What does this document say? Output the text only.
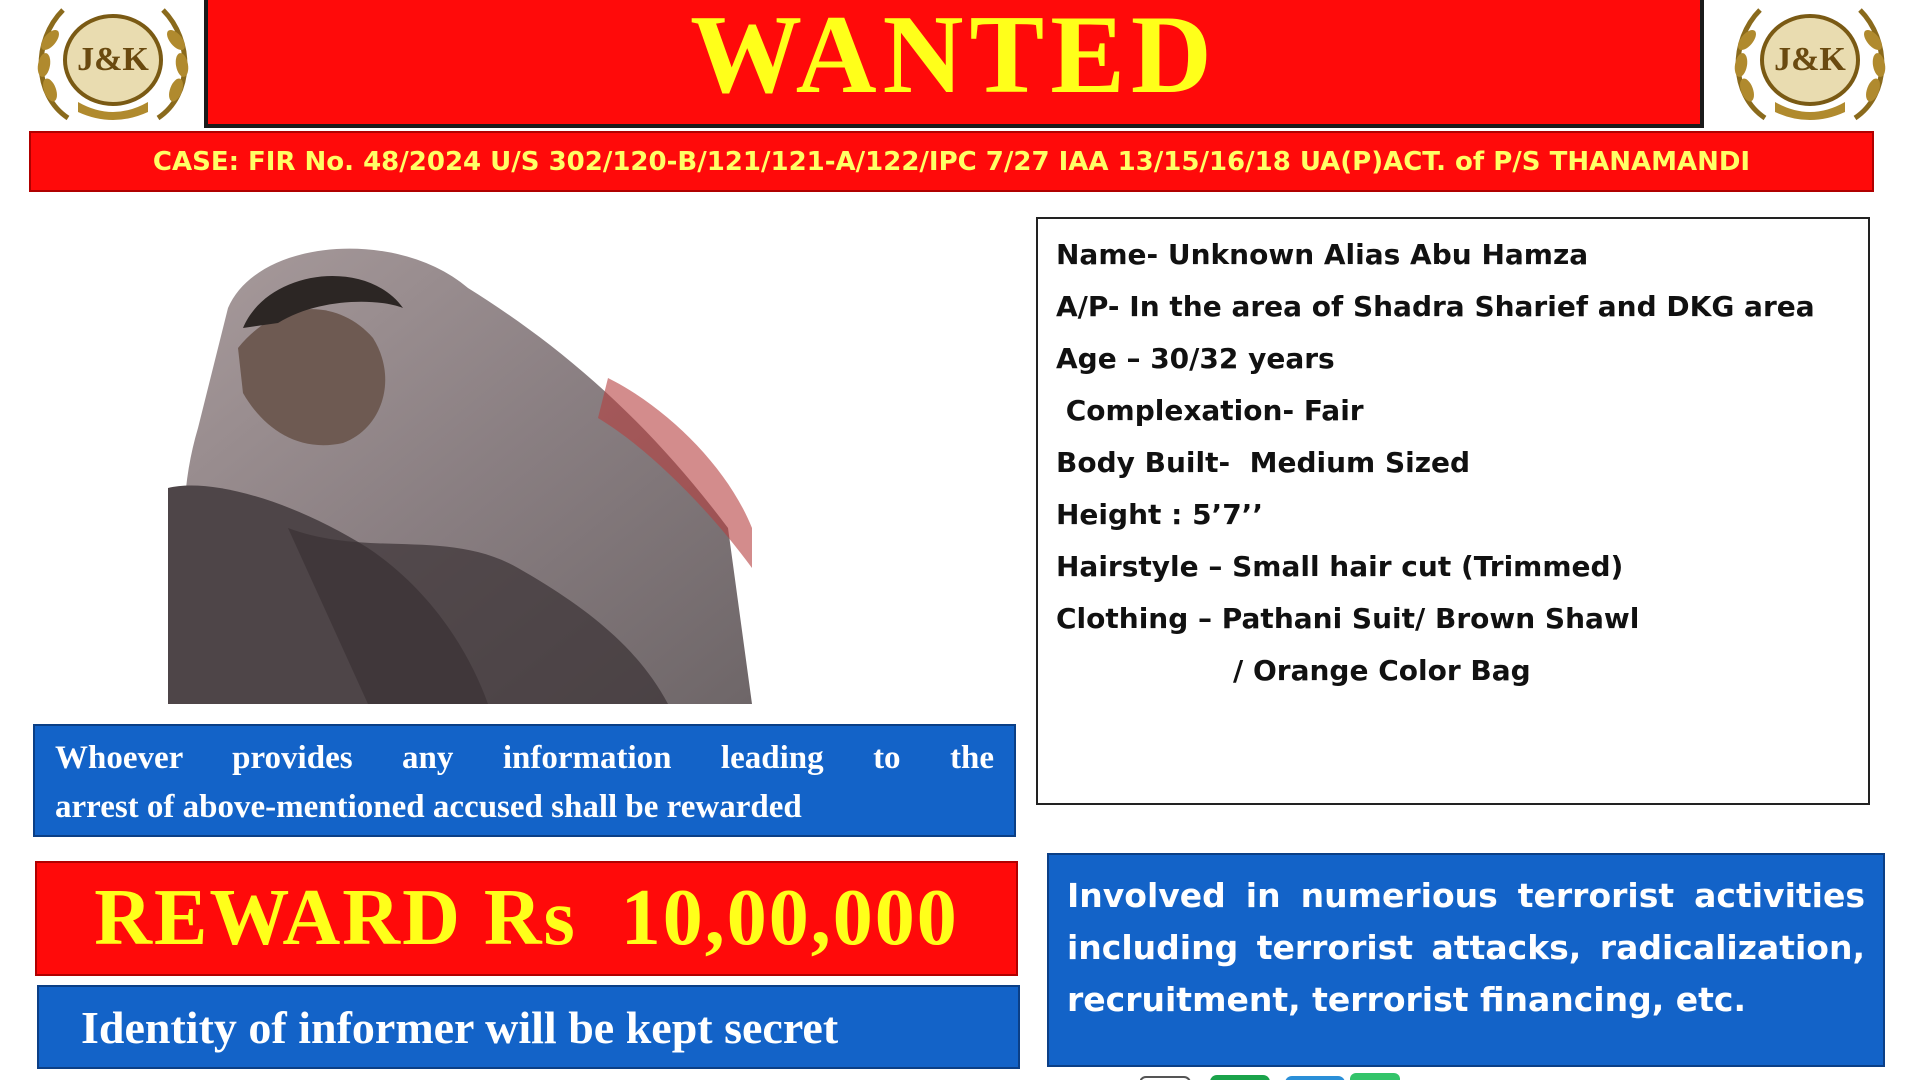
J&K	J&K
WANTED
CASE: FIR No. 48/2024 U/S 302/120-B/121/121-A/122/IPC 7/27 IAA 13/15/16/18 UA(P)ACT. of P/S THANAMANDI
Name- Unknown Alias Abu Hamza
A/P- In the area of Shadra Sharief and DKG area
Age – 30/32 years
Complexation- Fair
Body Built-  Medium Sized
Height : 5’7’’
Hairstyle – Small hair cut (Trimmed)
Clothing – Pathani Suit/ Brown Shawl
/ Orange Color Bag
Whoever provides any information leading to the
arrest of above-mentioned accused shall be rewarded
REWARD Rs  10,00,000
Identity of informer will be kept secret
Involved in numerious terrorist activities
including terrorist attacks, radicalization,
recruitment, terrorist financing, etc.
